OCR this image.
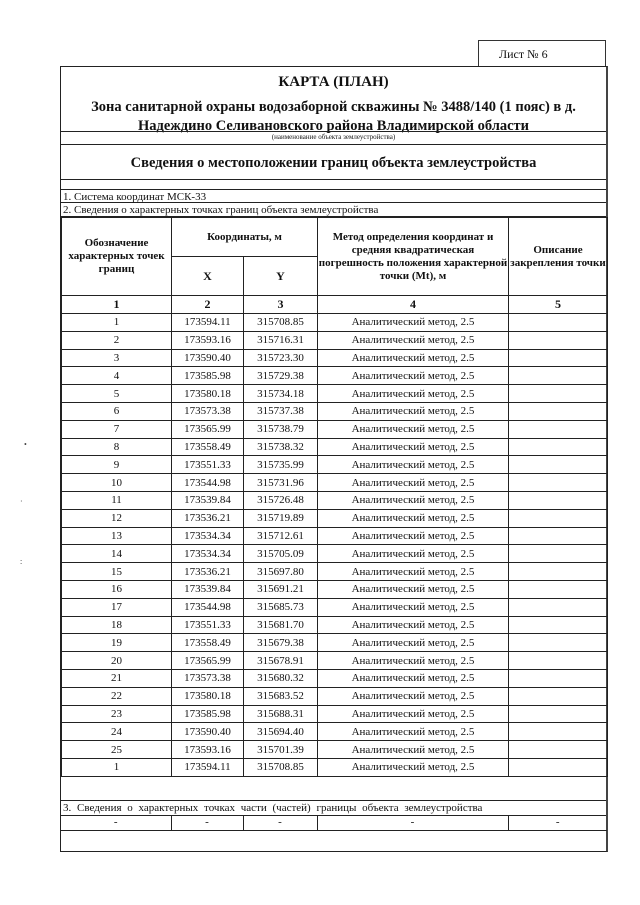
Лист № 6
КАРТА (ПЛАН)
Зона санитарной охраны водозаборной скважины № 3488/140 (1 пояс) в д.
Надеждино Селивановского района Владимирской области
(наименование объекта землеустройства)
Сведения о местоположении границ объекта землеустройства
1. Система координат МСК-33
2. Сведения о характерных точках границ объекта землеустройства
Обозначение характерных точек границ	Координаты, м		Метод определения координат и средняя квадратическая погрешность положения характерной точки (Mt), м	Описание закрепления точки
	X	Y		
1	2	3	4	5
1	173594.11	315708.85	Аналитический метод, 2.5	
2	173593.16	315716.31	Аналитический метод, 2.5	
3	173590.40	315723.30	Аналитический метод, 2.5	
4	173585.98	315729.38	Аналитический метод, 2.5	
5	173580.18	315734.18	Аналитический метод, 2.5	
6	173573.38	315737.38	Аналитический метод, 2.5	
7	173565.99	315738.79	Аналитический метод, 2.5	
8	173558.49	315738.32	Аналитический метод, 2.5	
9	173551.33	315735.99	Аналитический метод, 2.5	
10	173544.98	315731.96	Аналитический метод, 2.5	
11	173539.84	315726.48	Аналитический метод, 2.5	
12	173536.21	315719.89	Аналитический метод, 2.5	
13	173534.34	315712.61	Аналитический метод, 2.5	
14	173534.34	315705.09	Аналитический метод, 2.5	
15	173536.21	315697.80	Аналитический метод, 2.5	
16	173539.84	315691.21	Аналитический метод, 2.5	
17	173544.98	315685.73	Аналитический метод, 2.5	
18	173551.33	315681.70	Аналитический метод, 2.5	
19	173558.49	315679.38	Аналитический метод, 2.5	
20	173565.99	315678.91	Аналитический метод, 2.5	
21	173573.38	315680.32	Аналитический метод, 2.5	
22	173580.18	315683.52	Аналитический метод, 2.5	
23	173585.98	315688.31	Аналитический метод, 2.5	
24	173590.40	315694.40	Аналитический метод, 2.5	
25	173593.16	315701.39	Аналитический метод, 2.5	
1	173594.11	315708.85	Аналитический метод, 2.5	
3. Сведения о характерных точках части (частей) границы объекта землеустройства
-	-	-	-	-
•
·
:
